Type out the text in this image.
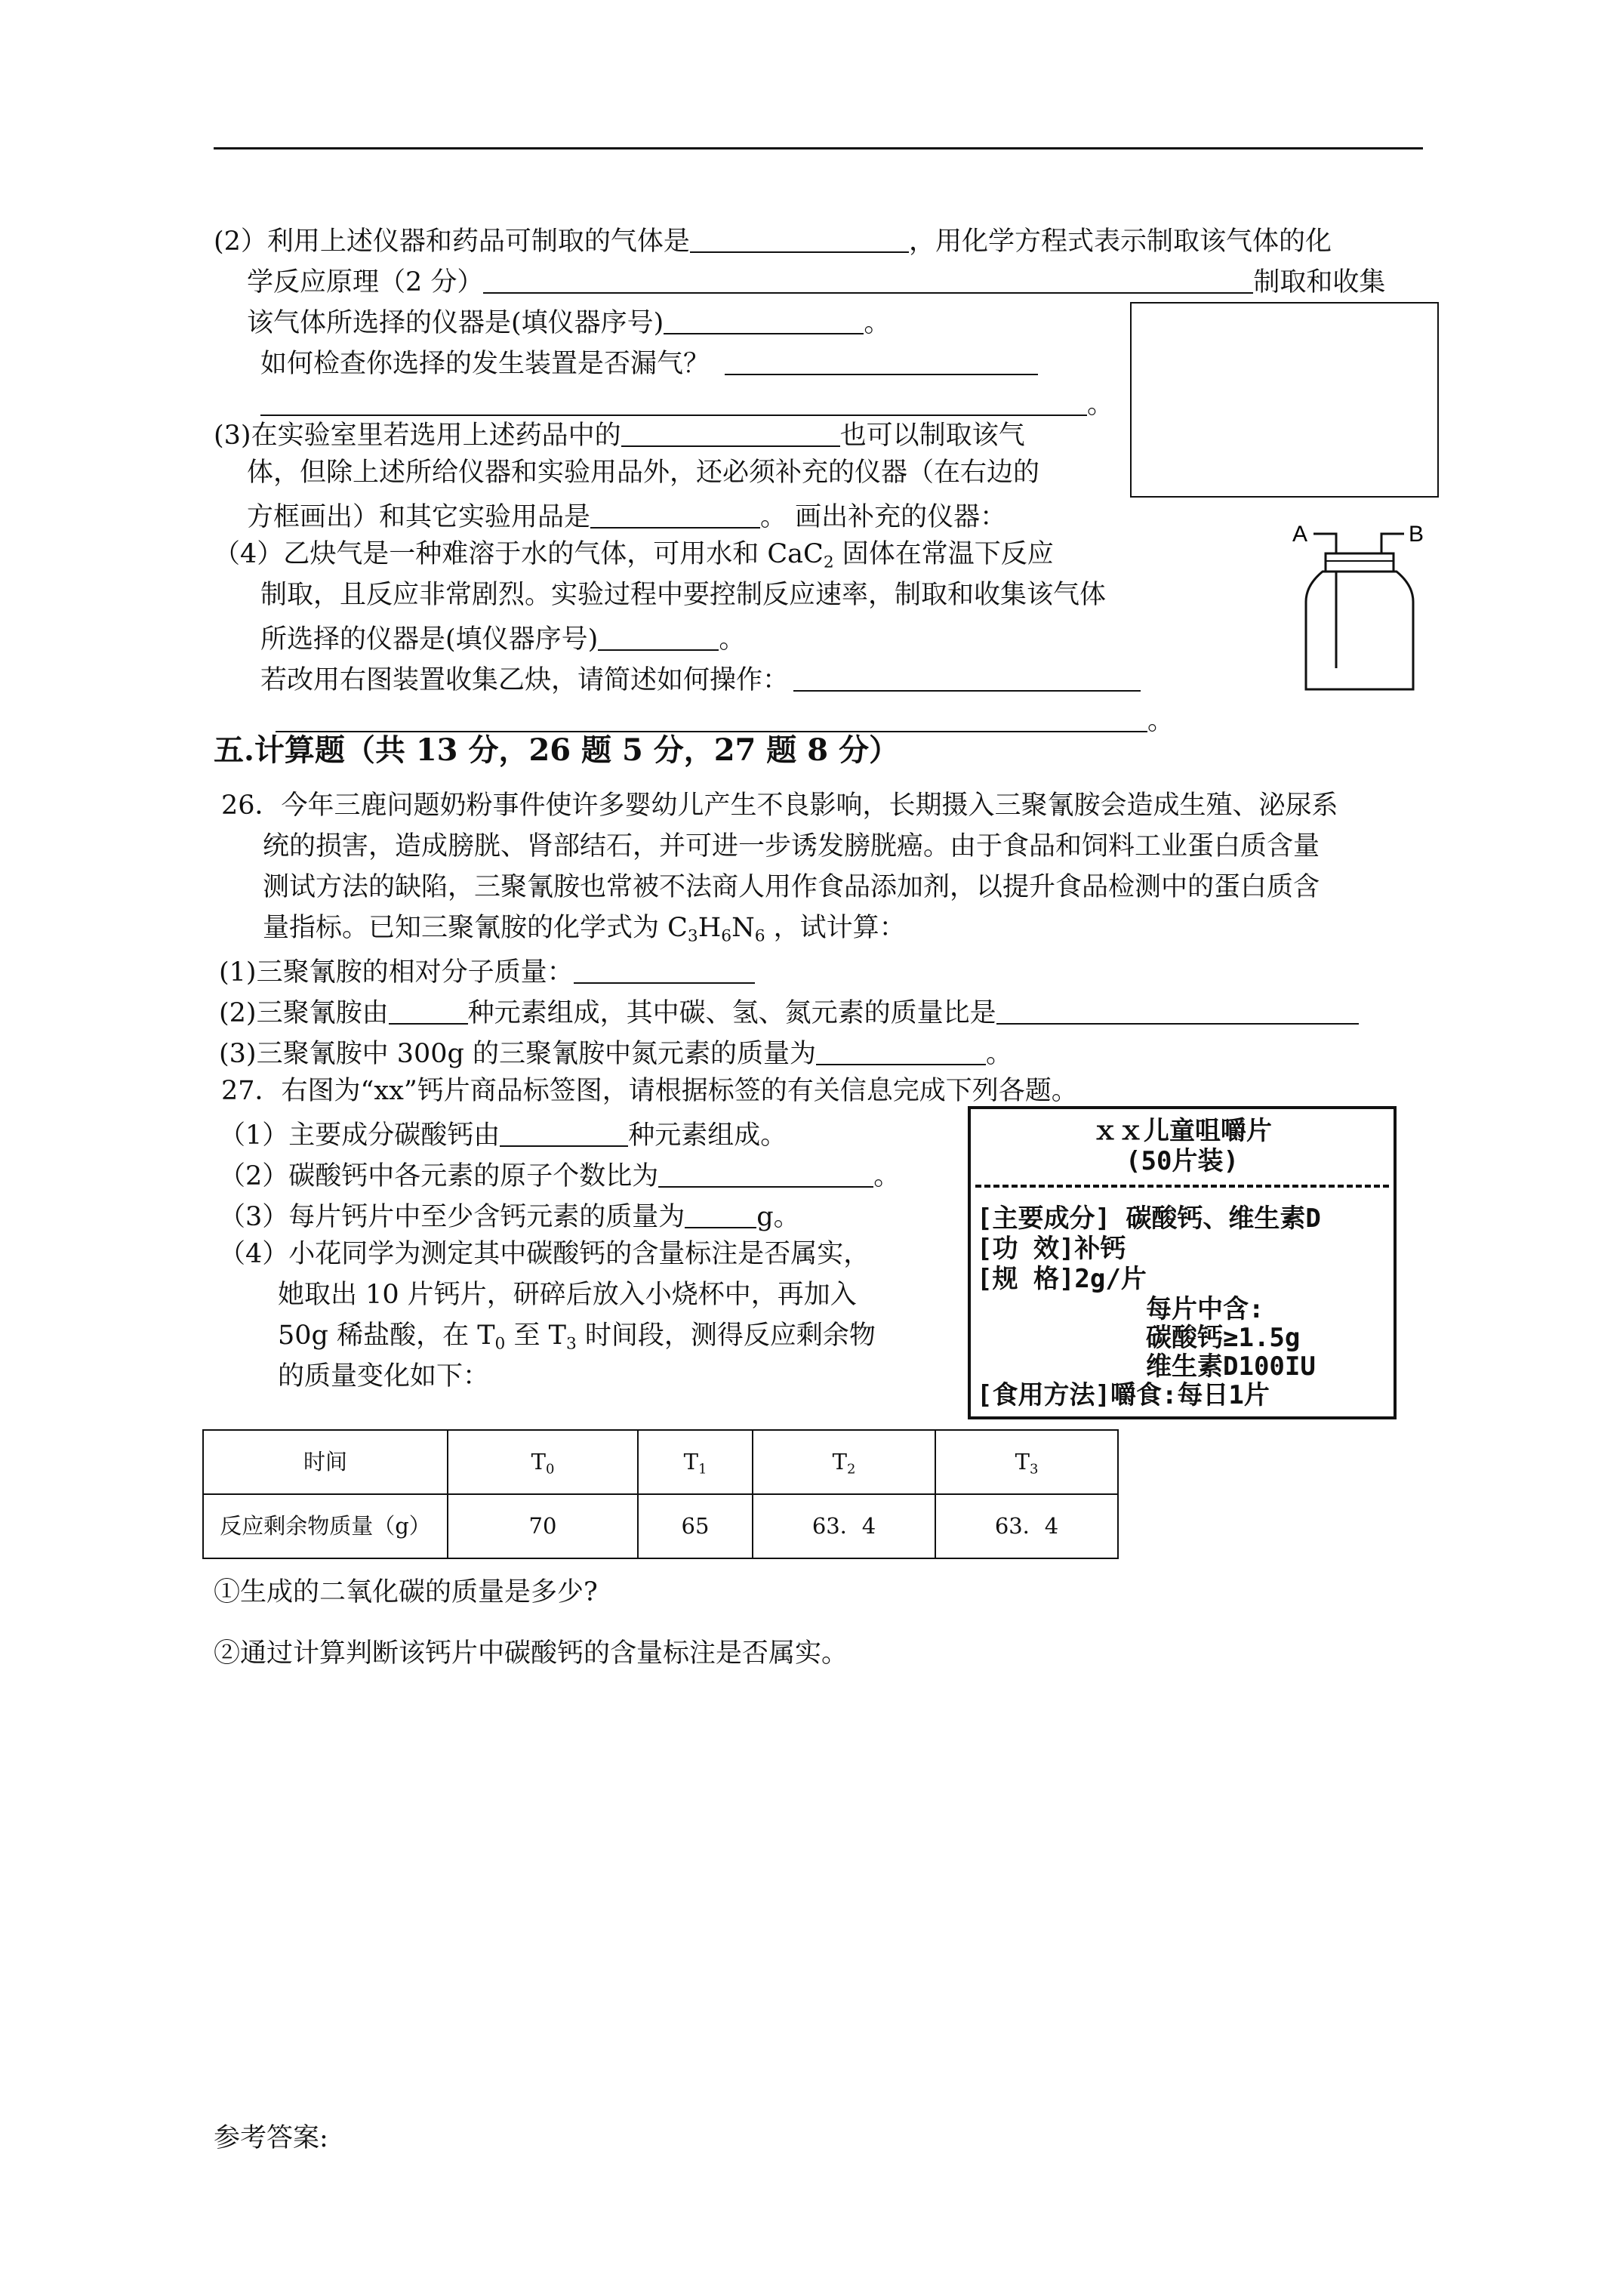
(2）利用上述仪器和药品可制取的气体是	，用化学方程式表示制取该气体的化
学反应原理（2 分）	制取和收集
该气体所选择的仪器是(填仪器序号)	。
如何检查你选择的发生装置是否漏气？
。
(3)在实验室里若选用上述药品中的	也可以制取该气
体，但除上述所给仪器和实验用品外，还必须补充的仪器（在右边的
方框画出）和其它实验用品是	。 画出补充的仪器：
（4）乙炔气是一种难溶于水的气体，可用水和 CaC$_2$ 固体在常温下反应
制取，且反应非常剧烈。实验过程中要控制反应速率，制取和收集该气体
所选择的仪器是(填仪器序号)	。
若改用右图装置收集乙炔，请简述如何操作：
。
A	B
五.计算题（共 13 分，26 题 5 分，27 题 8 分）
26．今年三鹿问题奶粉事件使许多婴幼儿产生不良影响，长期摄入三聚氰胺会造成生殖、泌尿系
统的损害，造成膀胱、肾部结石，并可进一步诱发膀胱癌。由于食品和饲料工业蛋白质含量
测试方法的缺陷，三聚氰胺也常被不法商人用作食品添加剂，以提升食品检测中的蛋白质含
量指标。已知三聚氰胺的化学式为 $C_3H_6N_6$ ，试计算：
(1)三聚氰胺的相对分子质量：
(2)三聚氰胺由	种元素组成，其中碳、氢、氮元素的质量比是
(3)三聚氰胺中 300g 的三聚氰胺中氮元素的质量为	。
27．右图为“xx”钙片商品标签图，请根据标签的有关信息完成下列各题。
（1）主要成分碳酸钙由	种元素组成。
（2）碳酸钙中各元素的原子个数比为	。
（3）每片钙片中至少含钙元素的质量为	g。
（4）小花同学为测定其中碳酸钙的含量标注是否属实，
她取出 10 片钙片，研碎后放入小烧杯中，再加入
50g 稀盐酸，在 $T_0$ 至 $T_3$ 时间段，测得反应剩余物
的质量变化如下：
ｘｘ儿童咀嚼片
(50片装)
[主要成分] 碳酸钙、维生素D
[功 效]补钙
[规 格]2g/片
每片中含:
碳酸钙≥1.5g
维生素D100IU
[食用方法]嚼食:每日1片
时间	$T_0$	$T_1$	$T_2$	$T_3$
反应剩余物质量（g）	70	65	63．4	63．4
①生成的二氧化碳的质量是多少?
②通过计算判断该钙片中碳酸钙的含量标注是否属实。
参考答案:
